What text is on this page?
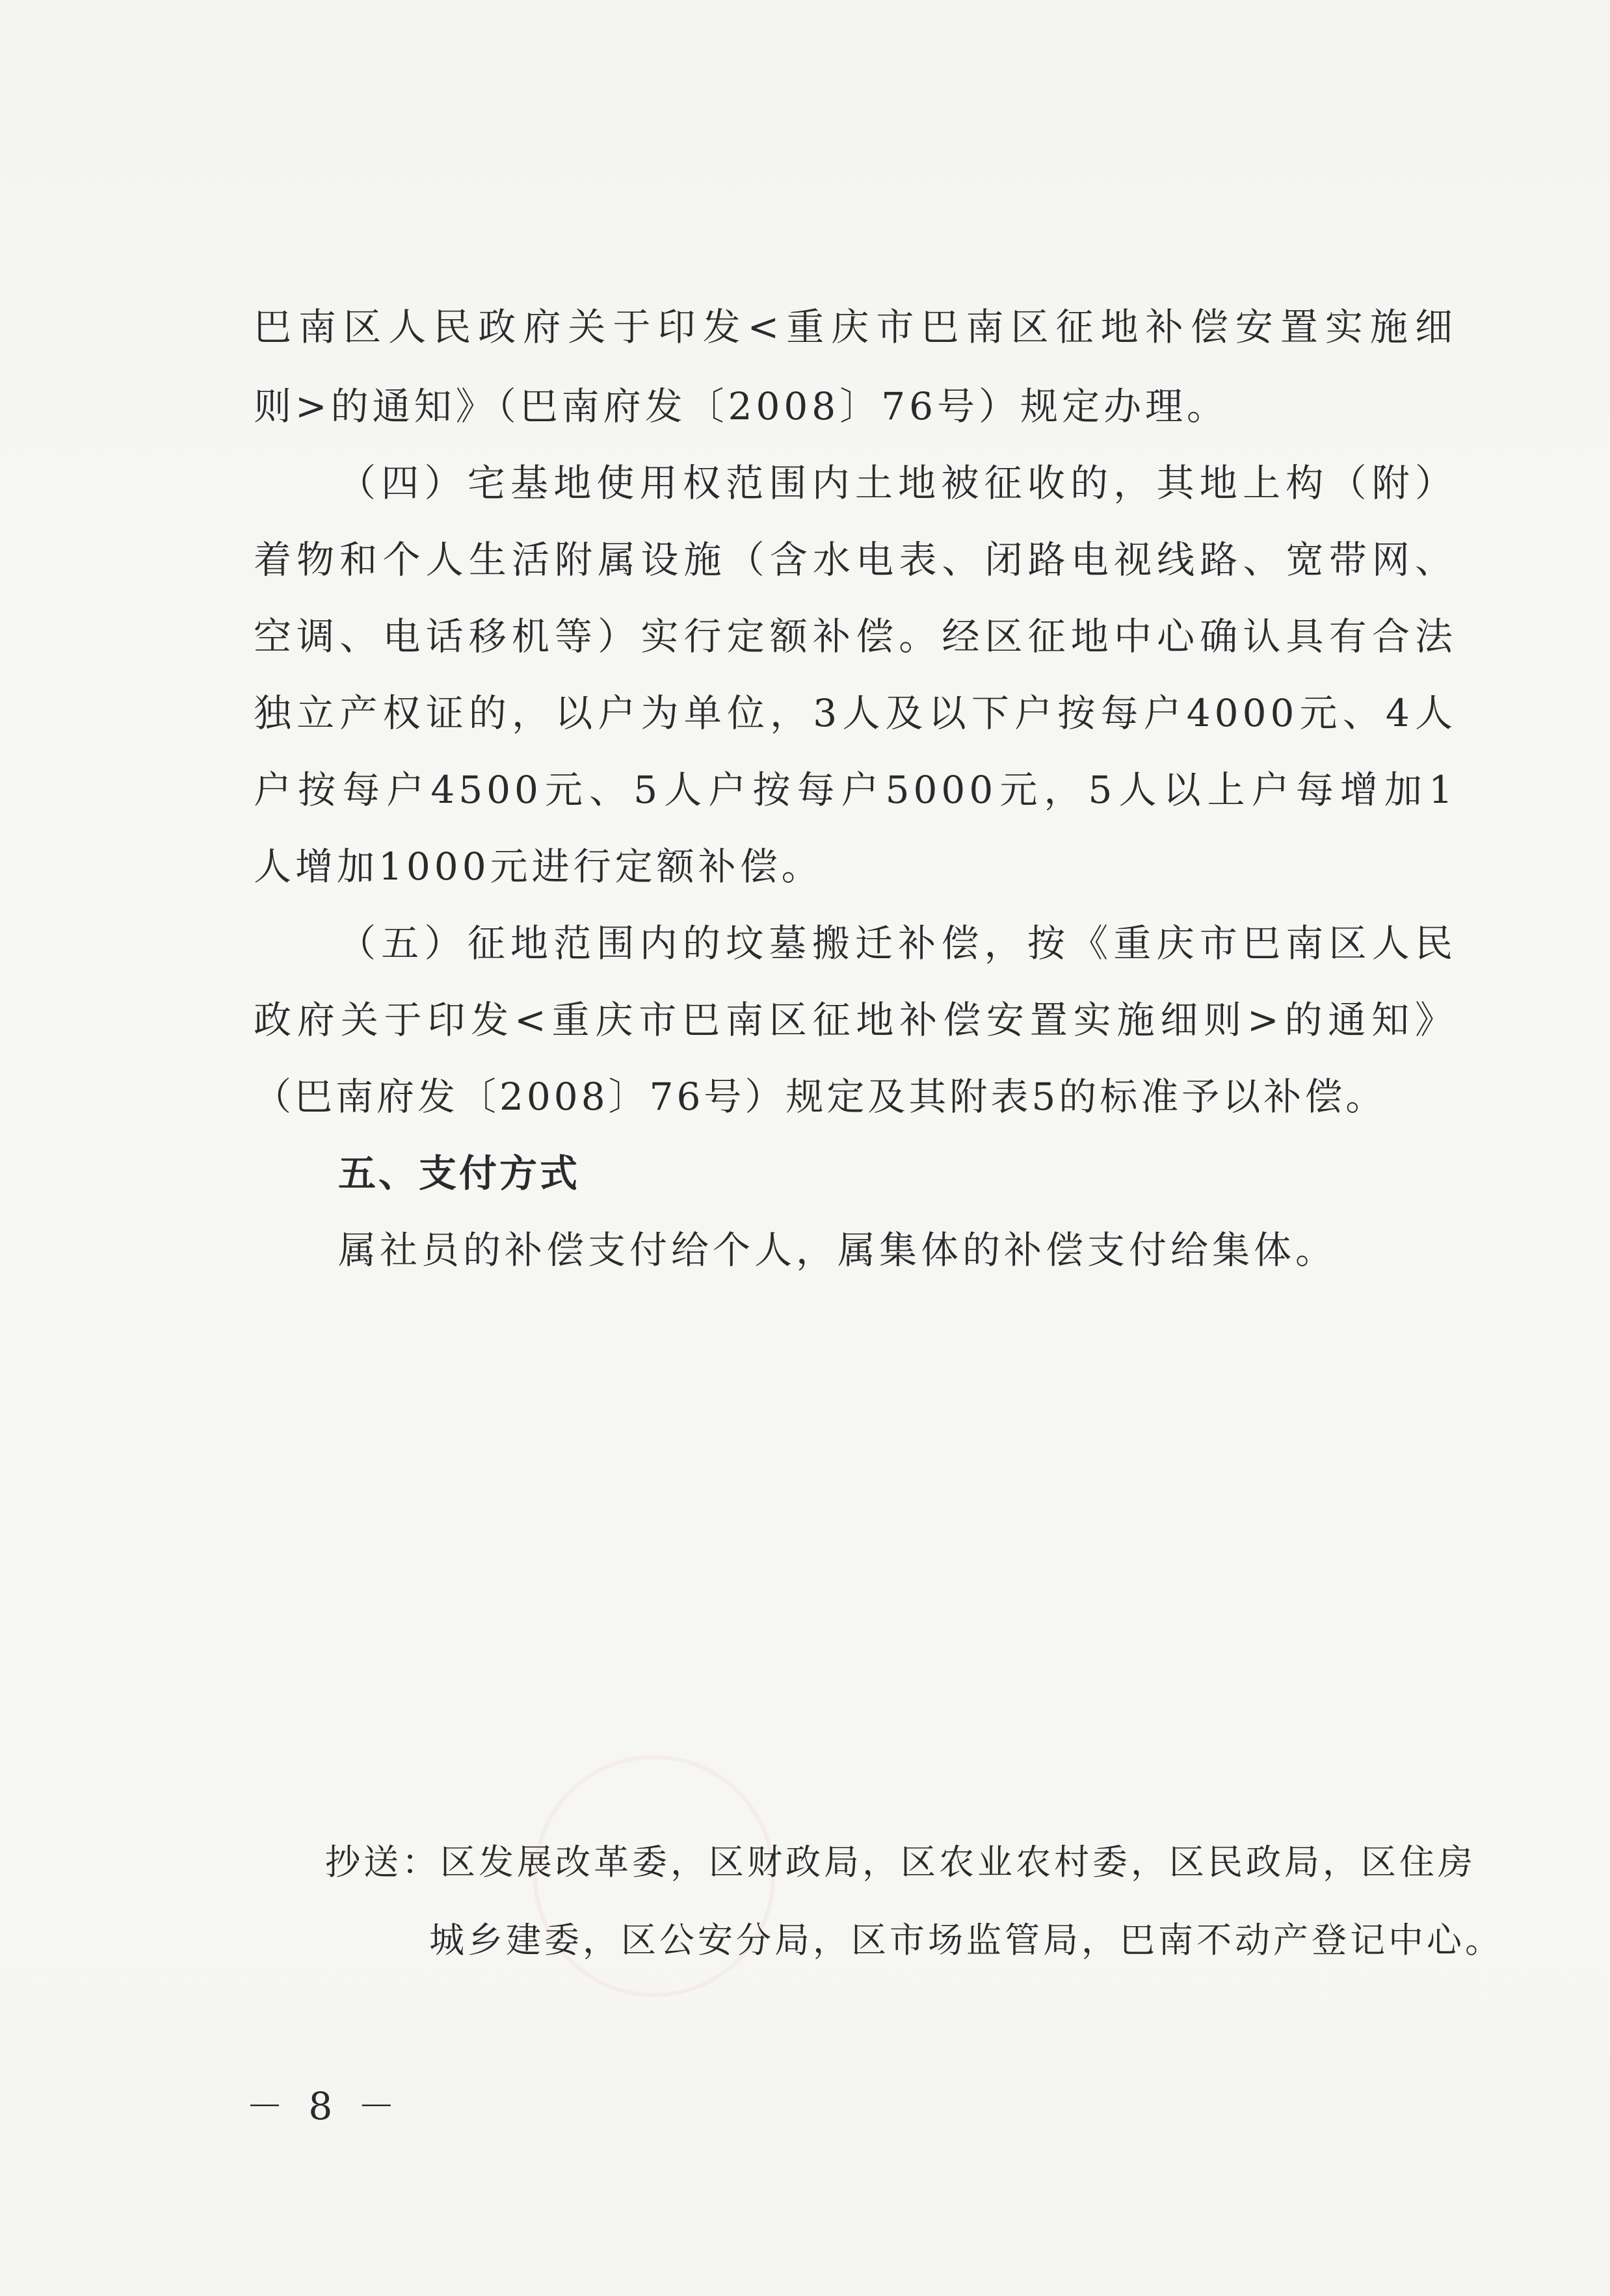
巴南区人民政府关于印发<重庆市巴南区征地补偿安置实施细
则>的通知》（巴南府发〔2008〕76号）规定办理。
（四）宅基地使用权范围内土地被征收的，其地上构（附）
着物和个人生活附属设施（含水电表、闭路电视线路、宽带网、
空调、电话移机等）实行定额补偿。经区征地中心确认具有合法
独立产权证的，以户为单位，3人及以下户按每户4000元、4人
户按每户4500元、5人户按每户5000元，5人以上户每增加1
人增加1000元进行定额补偿。
（五）征地范围内的坟墓搬迁补偿，按《重庆市巴南区人民
政府关于印发<重庆市巴南区征地补偿安置实施细则>的通知》
（巴南府发〔2008〕76号）规定及其附表5的标准予以补偿。
五、支付方式
属社员的补偿支付给个人，属集体的补偿支付给集体。
抄送：区发展改革委，区财政局，区农业农村委，区民政局，区住房
城乡建委，区公安分局，区市场监管局，巴南不动产登记中心。
－ 8 －
